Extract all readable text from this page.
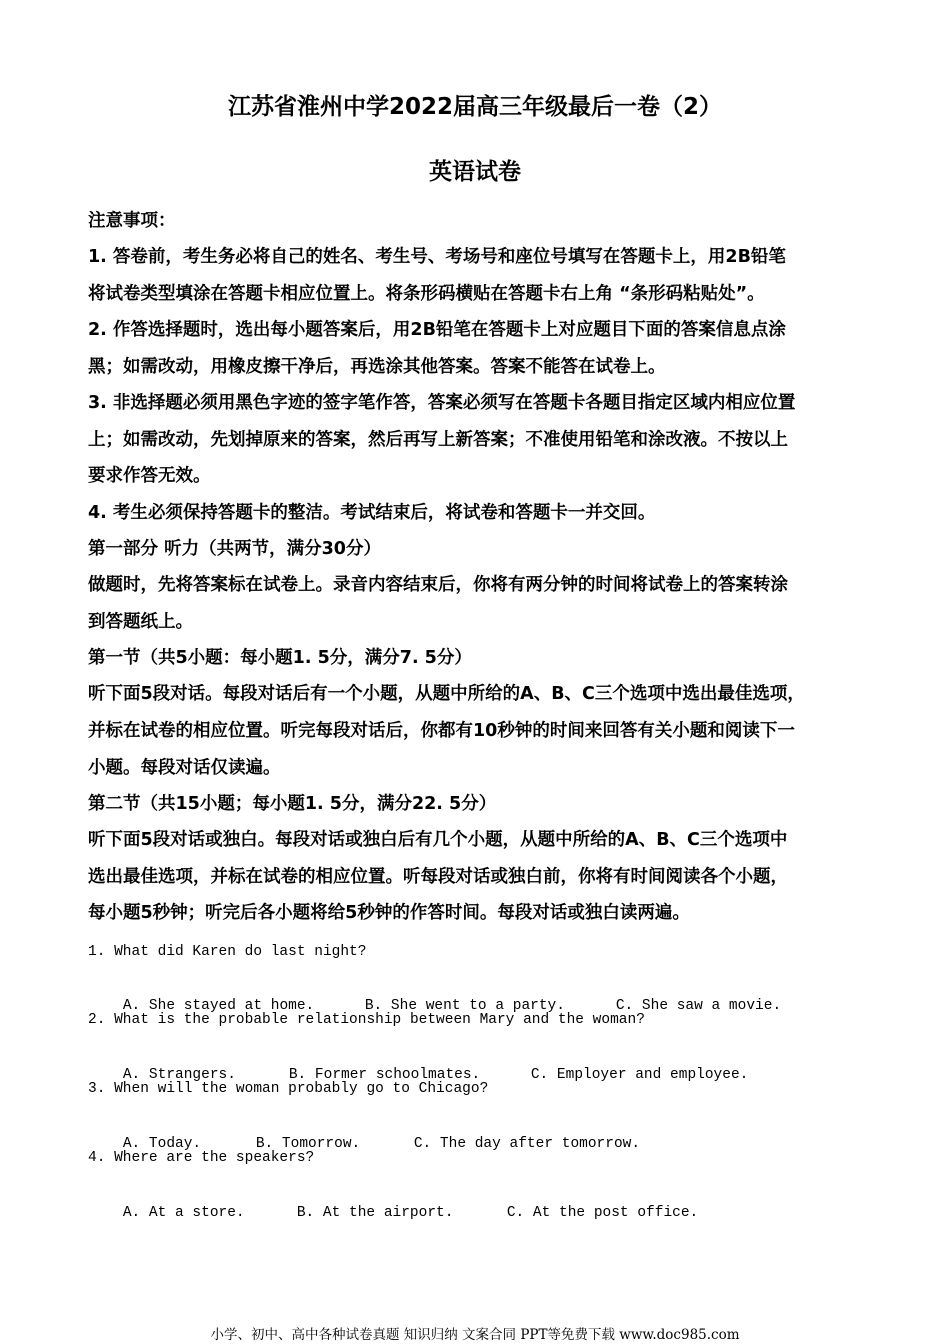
江苏省淮州中学2022届高三年级最后一卷（2）
英语试卷
注意事项：
1. 答卷前，考生务必将自己的姓名、考生号、考场号和座位号填写在答题卡上，用2B铅笔
将试卷类型填涂在答题卡相应位置上。将条形码横贴在答题卡右上角 “条形码粘贴处”。
2. 作答选择题时，选出每小题答案后，用2B铅笔在答题卡上对应题目下面的答案信息点涂
黑；如需改动，用橡皮擦干净后，再选涂其他答案。答案不能答在试卷上。
3. 非选择题必须用黑色字迹的签字笔作答，答案必须写在答题卡各题目指定区域内相应位置
上；如需改动，先划掉原来的答案，然后再写上新答案；不准使用铅笔和涂改液。不按以上
要求作答无效。
4. 考生必须保持答题卡的整洁。考试结束后，将试卷和答题卡一并交回。
第一部分 听力（共两节，满分30分）
做题时，先将答案标在试卷上。录音内容结束后，你将有两分钟的时间将试卷上的答案转涂
到答题纸上。
第一节（共5小题：每小题1. 5分，满分7. 5分）
听下面5段对话。每段对话后有一个小题，从题中所给的A、B、C三个选项中选出最佳选项，
并标在试卷的相应位置。听完每段对话后，你都有10秒钟的时间来回答有关小题和阅读下一
小题。每段对话仅读遍。
第二节（共15小题；每小题1. 5分，满分22. 5分）
听下面5段对话或独白。每段对话或独白后有几个小题，从题中所给的A、B、C三个选项中
选出最佳选项，并标在试卷的相应位置。听每段对话或独白前，你将有时间阅读各个小题，
每小题5秒钟；听完后各小题将给5秒钟的作答时间。每段对话或独白读两遍。
1. What did Karen do last night?

A. She stayed at home.	B. She went to a party.	C. She saw a movie.

2. What is the probable relationship between Mary and the woman?

A. Strangers.	B. Former schoolmates.	C. Employer and employee.

3. When will the woman probably go to Chicago?

A. Today.	B. Tomorrow.	C. The day after tomorrow.

4. Where are the speakers?

A. At a store.	B. At the airport.	C. At the post office.

小学、初中、高中各种试卷真题 知识归纳 文案合同 PPT等免费下载 www.doc985.com
